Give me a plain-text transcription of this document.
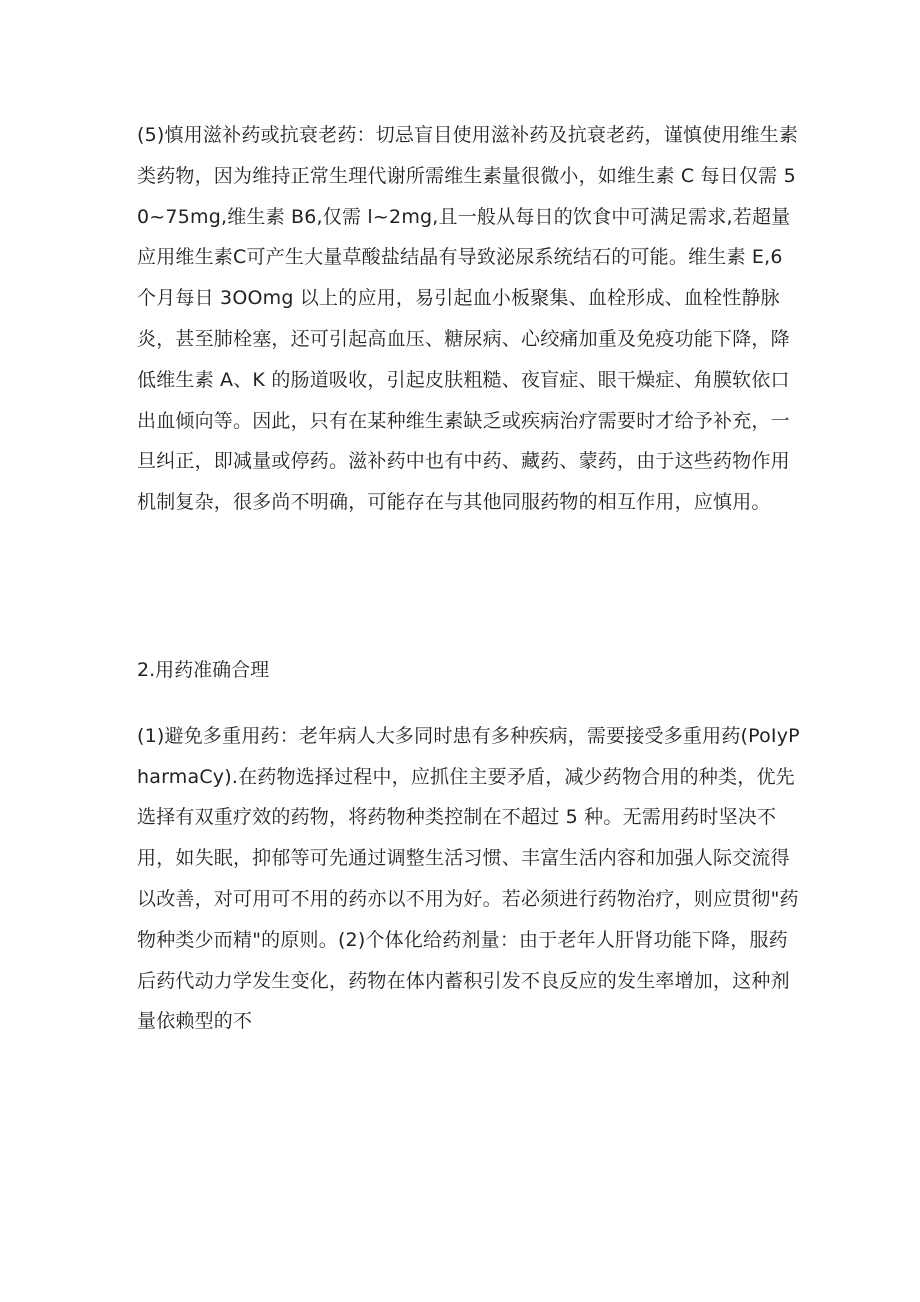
(5)慎用滋补药或抗衰老药：切忌盲目使用滋补药及抗衰老药，谨慎使用维生素类药物，因为维持正常生理代谢所需维生素量很微小，如维生素 C 每日仅需 50~75mg,维生素 B6,仅需 l~2mg,且一般从每日的饮食中可满足需求,若超量应用维生素C可产生大量草酸盐结晶有导致泌尿系统结石的可能。维生素 E,6 个月每日 3OOmg 以上的应用，易引起血小板聚集、血栓形成、血栓性静脉炎，甚至肺栓塞，还可引起高血压、糖尿病、心绞痛加重及免疫功能下降，降低维生素 A、K 的肠道吸收，引起皮肤粗糙、夜盲症、眼干燥症、角膜软依口出血倾向等。因此，只有在某种维生素缺乏或疾病治疗需要时才给予补充，一旦纠正，即减量或停药。滋补药中也有中药、藏药、蒙药，由于这些药物作用机制复杂，很多尚不明确，可能存在与其他同服药物的相互作用，应慎用。

2.用药准确合理

(1)避免多重用药：老年病人大多同时患有多种疾病，需要接受多重用药(PoIyPharmaCy).在药物选择过程中，应抓住主要矛盾，减少药物合用的种类，优先选择有双重疗效的药物，将药物种类控制在不超过 5 种。无需用药时坚决不用，如失眠，抑郁等可先通过调整生活习惯、丰富生活内容和加强人际交流得以改善，对可用可不用的药亦以不用为好。若必须进行药物治疗，则应贯彻"药物种类少而精"的原则。(2)个体化给药剂量：由于老年人肝肾功能下降，服药后药代动力学发生变化，药物在体内蓄积引发不良反应的发生率增加，这种剂量依赖型的不
